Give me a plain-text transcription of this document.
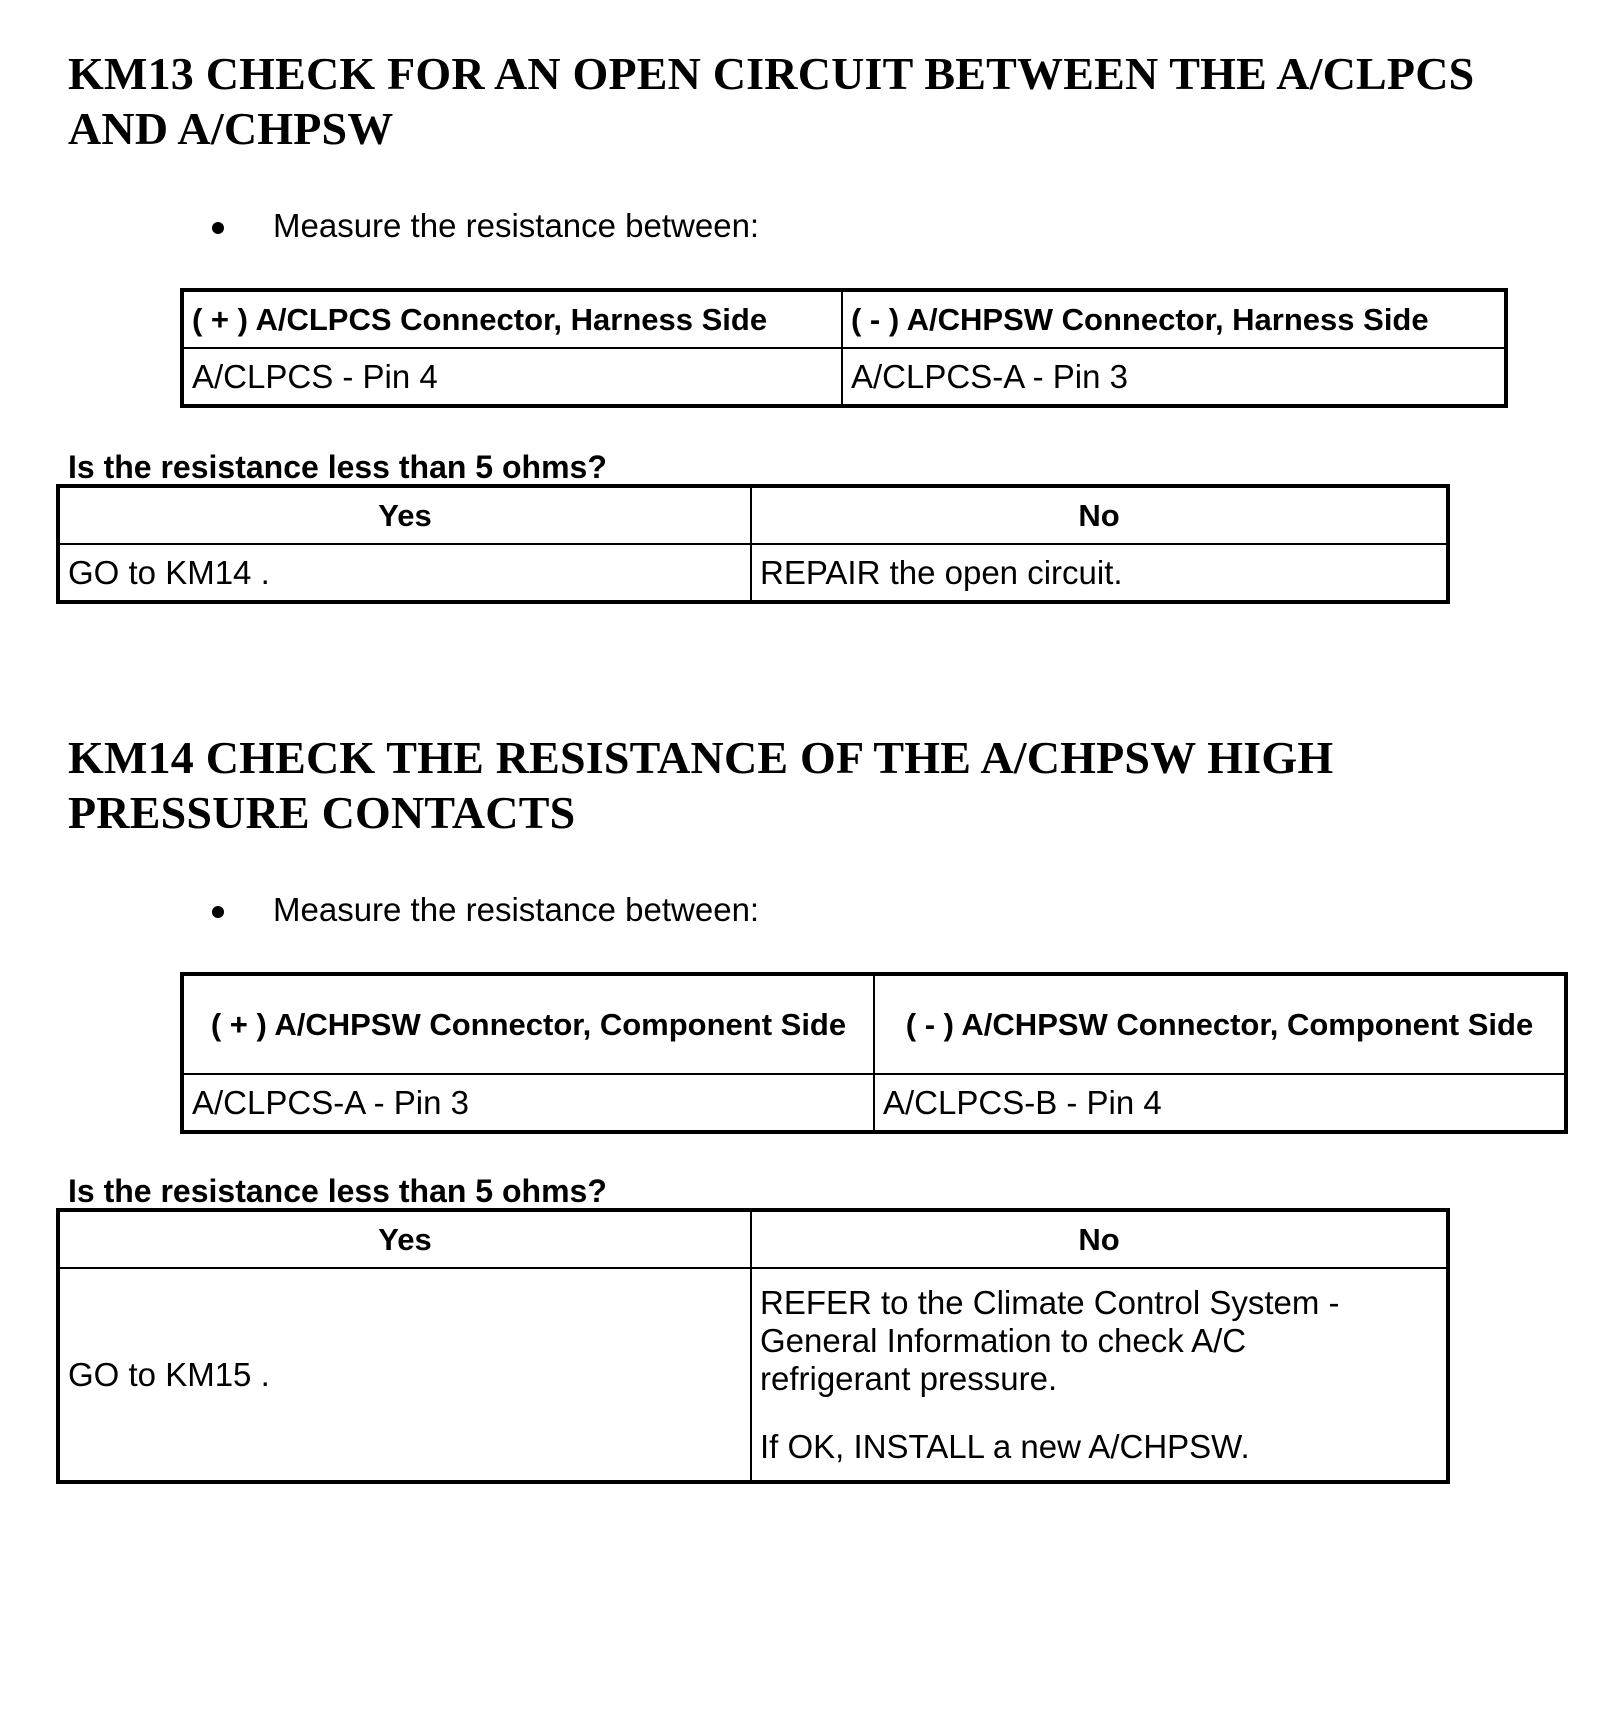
KM13 CHECK FOR AN OPEN CIRCUIT BETWEEN THE A/CLPCS
AND A/CHPSW
Measure the resistance between:
( + ) A/CLPCS Connector, Harness Side	( - ) A/CHPSW Connector, Harness Side
A/CLPCS - Pin 4	A/CLPCS-A - Pin 3
Is the resistance less than 5 ohms?
Yes	No
GO to KM14 .	REPAIR the open circuit.
KM14 CHECK THE RESISTANCE OF THE A/CHPSW HIGH
PRESSURE CONTACTS
Measure the resistance between:
( + ) A/CHPSW Connector, Component Side	( - ) A/CHPSW Connector, Component Side
A/CLPCS-A - Pin 3	A/CLPCS-B - Pin 4
Is the resistance less than 5 ohms?
Yes	No
GO to KM15 .	REFER to the Climate Control System -
General Information to check A/C
refrigerant pressure.
If OK, INSTALL a new A/CHPSW.
